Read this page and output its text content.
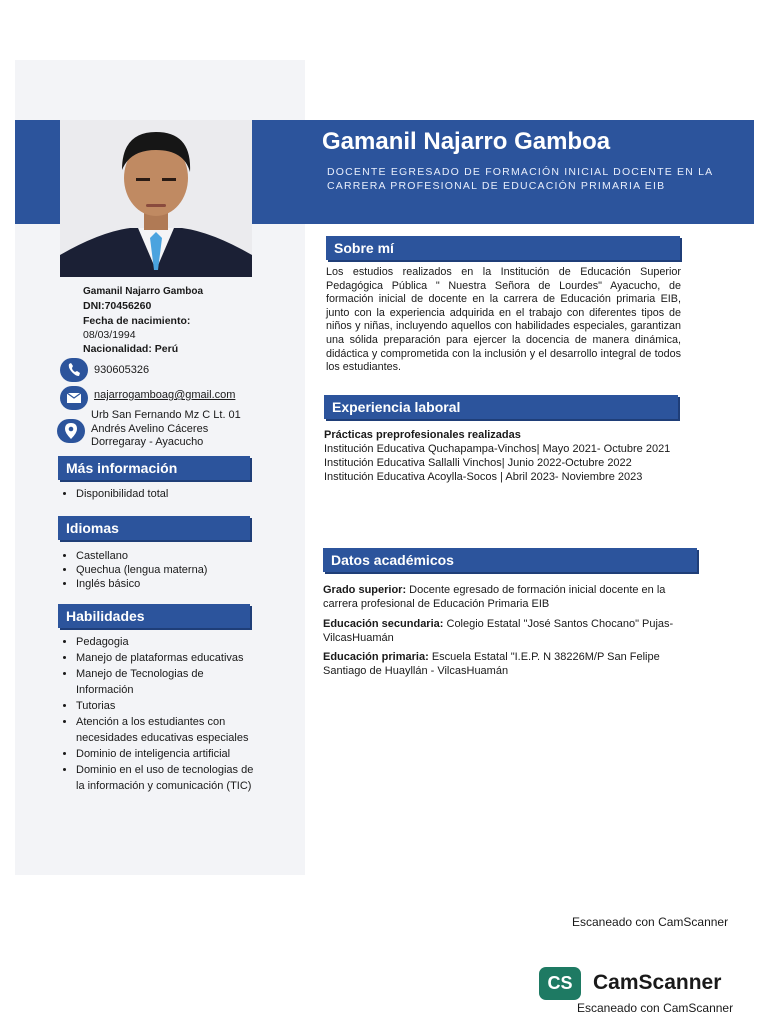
Gamanil Najarro Gamboa
DOCENTE EGRESADO DE FORMACIÓN INICIAL DOCENTE EN LA CARRERA PROFESIONAL DE EDUCACIÓN PRIMARIA EIB
Gamanil Najarro Gamboa
DNI:70456260
Fecha de nacimiento:
08/03/1994
Nacionalidad: Perú
930605326
najarrogamboag@gmail.com
Urb San Fernando Mz C Lt. 01
Andrés Avelino Cáceres
Dorregaray - Ayacucho
Más información
• Disponibilidad total
Idiomas
• Castellano
• Quechua (lengua materna)
• Inglés básico
Habilidades
• Pedagogia
• Manejo de plataformas educativas
• Manejo de Tecnologias de Información
• Tutorias
• Atención a los estudiantes con necesidades educativas especiales
• Dominio de inteligencia artificial
• Dominio en el uso de tecnologias de la información y comunicación (TIC)
Sobre mí
Los estudios realizados en la Institución de Educación Superior Pedagógica Pública " Nuestra Señora de Lourdes" Ayacucho, de formación inicial de docente en la carrera de Educación primaria EIB, junto con la experiencia adquirida en el trabajo con diferentes tipos de niños y niñas, incluyendo aquellos con habilidades especiales, garantizan una sólida preparación para ejercer la docencia de manera dinámica, didáctica y comprometida con la inclusión y el desarrollo integral de todos los estudiantes.
Experiencia laboral
Prácticas preprofesionales realizadas
Institución Educativa Quchapampa-Vinchos| Mayo 2021- Octubre 2021
Institución Educativa Sallalli Vinchos| Junio 2022-Octubre 2022
Institución Educativa Acoylla-Socos | Abril 2023- Noviembre 2023
Datos académicos
Grado superior: Docente egresado de formación inicial docente en la carrera profesional de Educación Primaria EIB
Educación secundaria: Colegio Estatal "José Santos Chocano" Pujas- VilcasHuamán
Educación primaria: Escuela Estatal "I.E.P. N 38226M/P San Felipe Santiago de Huayllán - VilcasHuamán
Escaneado con CamScanner
CS CamScanner
Escaneado con CamScanner
